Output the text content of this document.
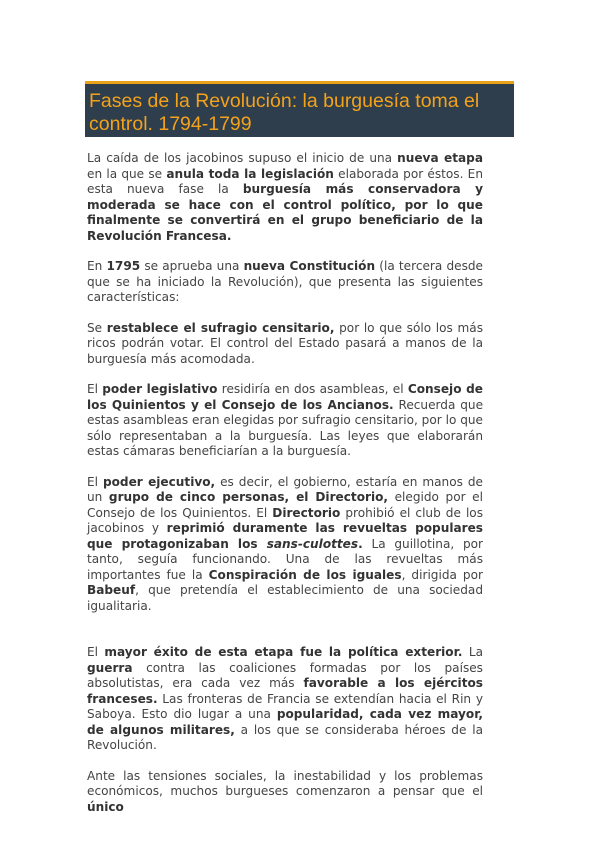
Fases de la Revolución: la burguesía toma el control. 1794-1799

La caída de los jacobinos supuso el inicio de una nueva etapa en la que se anula toda la legislación elaborada por éstos. En esta nueva fase la burguesía más conservadora y moderada se hace con el control político, por lo que finalmente se convertirá en el grupo beneficiario de la Revolución Francesa.

En 1795 se aprueba una nueva Constitución (la tercera desde que se ha iniciado la Revolución), que presenta las siguientes características:

Se restablece el sufragio censitario, por lo que sólo los más ricos podrán votar. El control del Estado pasará a manos de la burguesía más acomodada.

El poder legislativo residiría en dos asambleas, el Consejo de los Quinientos y el Consejo de los Ancianos. Recuerda que estas asambleas eran elegidas por sufragio censitario, por lo que sólo representaban a la burguesía. Las leyes que elaborarán estas cámaras beneficiarían a la burguesía.

El poder ejecutivo, es decir, el gobierno, estaría en manos de un grupo de cinco personas, el Directorio, elegido por el Consejo de los Quinientos. El Directorio prohibió el club de los jacobinos y reprimió duramente las revueltas populares que protagonizaban los sans-culottes. La guillotina, por tanto, seguía funcionando. Una de las revueltas más importantes fue la Conspiración de los iguales, dirigida por Babeuf, que pretendía el establecimiento de una sociedad igualitaria.

El mayor éxito de esta etapa fue la política exterior. La guerra contra las coaliciones formadas por los países absolutistas, era cada vez más favorable a los ejércitos franceses. Las fronteras de Francia se extendían hacia el Rin y Saboya. Esto dio lugar a una popularidad, cada vez mayor, de algunos militares, a los que se consideraba héroes de la Revolución.

Ante las tensiones sociales, la inestabilidad y los problemas económicos, muchos burgueses comenzaron a pensar que el único
